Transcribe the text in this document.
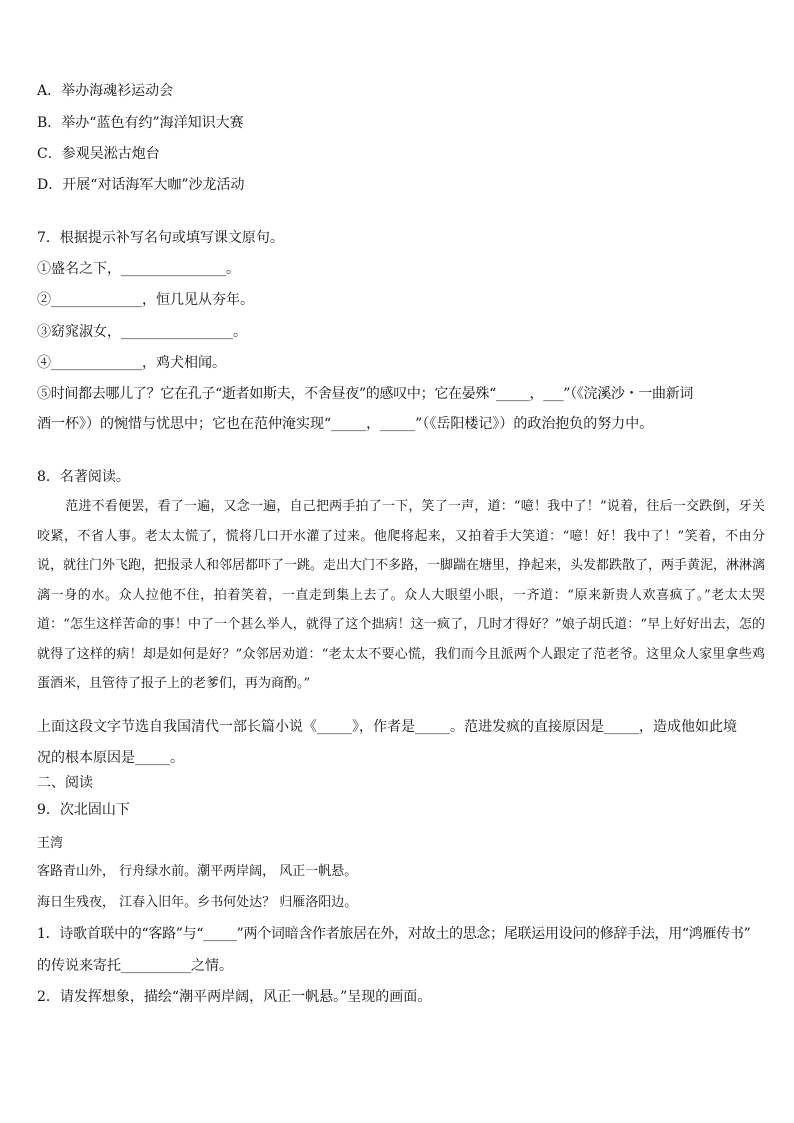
A．举办海魂衫运动会
B．举办“蓝色有约”海洋知识大赛
C．参观吴淞古炮台
D．开展“对话海军大咖”沙龙活动
7．根据提示补写名句或填写课文原句。
①盛名之下，_______________。
②_____________，恒几见从夯年。
③窈窕淑女，________________。
④_____________，鸡犬相闻。
⑤时间都去哪儿了？它在孔子“逝者如斯夫，不舍昼夜”的感叹中；它在晏殊“_____，___”（《浣溪沙・一曲新词
酒一杯》）的惋惜与忧思中；它也在范仲淹实现“_____，_____”（《岳阳楼记》）的政治抱负的努力中。
8．名著阅读。
范进不看便罢，看了一遍，又念一遍，自己把两手拍了一下，笑了一声，道：“噫！我中了！”说着，往后一交跌倒，牙关咬紧，不省人事。老太太慌了，慌将几口开水灌了过来。他爬将起来，又拍着手大笑道：“噫！好！我中了！”笑着，不由分说，就往门外飞跑，把报录人和邻居都吓了一跳。走出大门不多路，一脚踹在塘里，挣起来，头发都跌散了，两手黄泥，淋淋漓漓一身的水。众人拉他不住，拍着笑着，一直走到集上去了。众人大眼望小眼，一齐道：“原来新贵人欢喜疯了。”老太太哭道：“怎生这样苦命的事！中了一个甚么举人，就得了这个拙病！这一疯了，几时才得好？”娘子胡氏道：“早上好好出去，怎的就得了这样的病！却是如何是好？”众邻居劝道：“老太太不要心慌，我们而今且派两个人跟定了范老爷。这里众人家里拿些鸡蛋酒米，且管待了报子上的老爹们，再为商酌。”
上面这段文字节选自我国清代一部长篇小说《_____》，作者是_____。范进发疯的直接原因是_____，造成他如此境
况的根本原因是_____。
二、阅读
9．次北固山下
王湾
客路青山外， 行舟绿水前。潮平两岸阔， 风正一帆悬。
海日生残夜， 江春入旧年。乡书何处达？ 归雁洛阳边。
1．诗歌首联中的“客路”与“_____”两个词暗含作者旅居在外，对故土的思念；尾联运用设问的修辞手法，用“鸿雁传书”
的传说来寄托__________之情。
2．请发挥想象，描绘“潮平两岸阔，风正一帆悬。”呈现的画面。
